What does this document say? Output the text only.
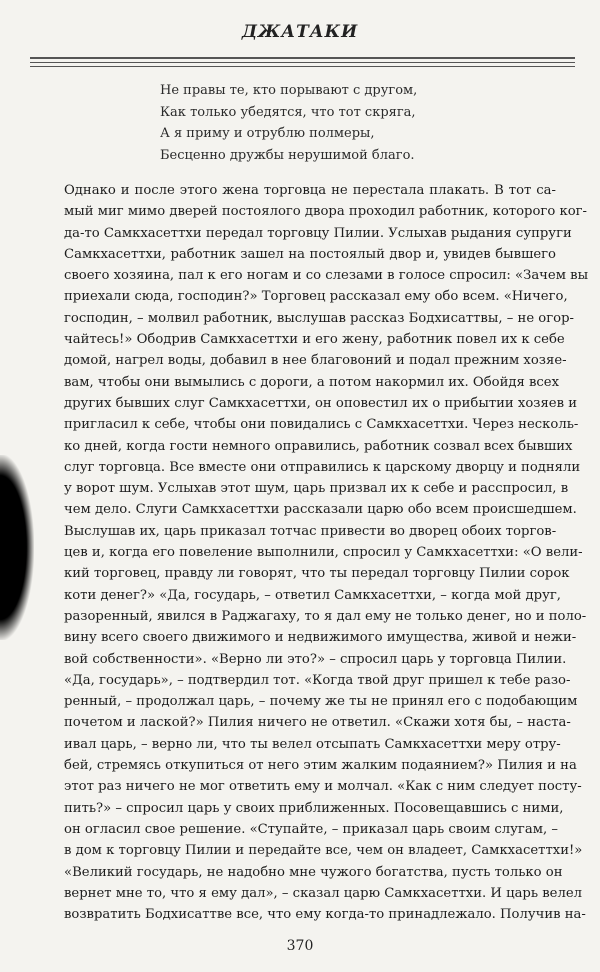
ДЖАТАКИ
Не правы те, кто порывают с другом,
Как только убедятся, что тот скряга,
А я приму и отрублю полмеры,
Бесценно дружбы нерушимой благо.
Однако и после этого жена торговца не перестала плакать. В тот са-
мый миг мимо дверей постоялого двора проходил работник, которого ког-
да-то Самкхасеттхи передал торговцу Пилии. Услыхав рыдания супруги
Самкхасеттхи, работник зашел на постоялый двор и, увидев бывшего
своего хозяина, пал к его ногам и со слезами в голосе спросил: «Зачем вы
приехали сюда, господин?» Торговец рассказал ему обо всем. «Ничего,
господин, – молвил работник, выслушав рассказ Бодхисаттвы, – не огор-
чайтесь!» Ободрив Самкхасеттхи и его жену, работник повел их к себе
домой, нагрел воды, добавил в нее благовоний и подал прежним хозяе-
вам, чтобы они вымылись с дороги, а потом накормил их. Обойдя всех
других бывших слуг Самкхасеттхи, он оповестил их о прибытии хозяев и
пригласил к себе, чтобы они повидались с Самкхасеттхи. Через несколь-
ко дней, когда гости немного оправились, работник созвал всех бывших
слуг торговца. Все вместе они отправились к царскому дворцу и подняли
у ворот шум. Услыхав этот шум, царь призвал их к себе и расспросил, в
чем дело. Слуги Самкхасеттхи рассказали царю обо всем происшедшем.
Выслушав их, царь приказал тотчас привести во дворец обоих торгов-
цев и, когда его повеление выполнили, спросил у Самкхасеттхи: «О вели-
кий торговец, правду ли говорят, что ты передал торговцу Пилии сорок
коти денег?» «Да, государь, – ответил Самкхасеттхи, – когда мой друг,
разоренный, явился в Раджагаху, то я дал ему не только денег, но и поло-
вину всего своего движимого и недвижимого имущества, живой и нежи-
вой собственности». «Верно ли это?» – спросил царь у торговца Пилии.
«Да, государь», – подтвердил тот. «Когда твой друг пришел к тебе разо-
ренный, – продолжал царь, – почему же ты не принял его с подобающим
почетом и лаской?» Пилия ничего не ответил. «Скажи хотя бы, – наста-
ивал царь, – верно ли, что ты велел отсыпать Самкхасеттхи меру отру-
бей, стремясь откупиться от него этим жалким подаянием?» Пилия и на
этот раз ничего не мог ответить ему и молчал. «Как с ним следует посту-
пить?» – спросил царь у своих приближенных. Посовещавшись с ними,
он огласил свое решение. «Ступайте, – приказал царь своим слугам, –
в дом к торговцу Пилии и передайте все, чем он владеет, Самкхасеттхи!»
«Великий государь, не надобно мне чужого богатства, пусть только он
вернет мне то, что я ему дал», – сказал царю Самкхасеттхи. И царь велел
возвратить Бодхисаттве все, что ему когда-то принадлежало. Получив на-
370
